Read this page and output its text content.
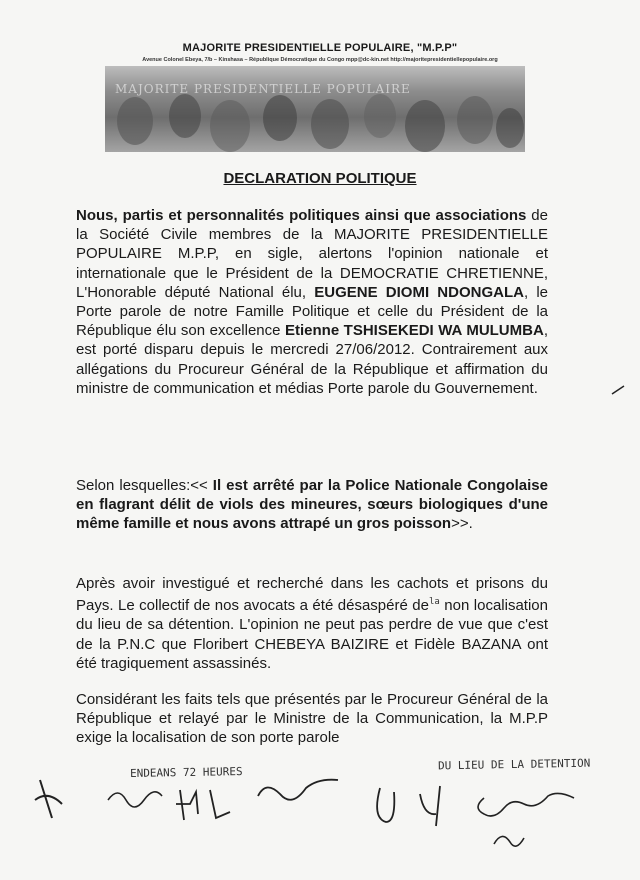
MAJORITE PRESIDENTIELLE POPULAIRE, "M.P.P"
Avenue Colonel Ebeya, 7/b – Kinshasa – République Démocratique du Congo mpp@dc-kin.net http://majoritepresidentiellepopulaire.org
MAJORITE PRESIDENTIELLE POPULAIRE
DECLARATION POLITIQUE
Nous, partis et personnalités politiques ainsi que associations de la Société Civile membres de la MAJORITE PRESIDENTIELLE POPULAIRE M.P.P, en sigle, alertons l'opinion nationale et internationale que le Président de la DEMOCRATIE CHRETIENNE, L'Honorable député National élu, EUGENE DIOMI NDONGALA, le Porte parole de notre Famille Politique et celle du Président de la République élu son excellence Etienne TSHISEKEDI WA MULUMBA, est porté disparu depuis le mercredi 27/06/2012. Contrairement aux allégations du Procureur Général de la République et affirmation du ministre de communication et médias Porte parole du Gouvernement.
Selon lesquelles:<< Il est arrêté par la Police Nationale Congolaise en flagrant délit de viols des mineures, sœurs biologiques d'une même famille et nous avons attrapé un gros poisson>>.
Après avoir investigué et recherché dans les cachots et prisons du Pays. Le collectif de nos avocats a été désaspéré $de^{la}$ non localisation du lieu de sa détention. L'opinion ne peut pas perdre de vue que c'est de la P.N.C que Floribert CHEBEYA BAIZIRE et Fidèle BAZANA ont été tragiquement assassinés.
Considérant les faits tels que présentés par le Procureur Général de la République et relayé par le Ministre de la Communication, la M.P.P exige la localisation de son porte parole
ENDEANS 72 HEURES
DU LIEU DE LA DETENTION
